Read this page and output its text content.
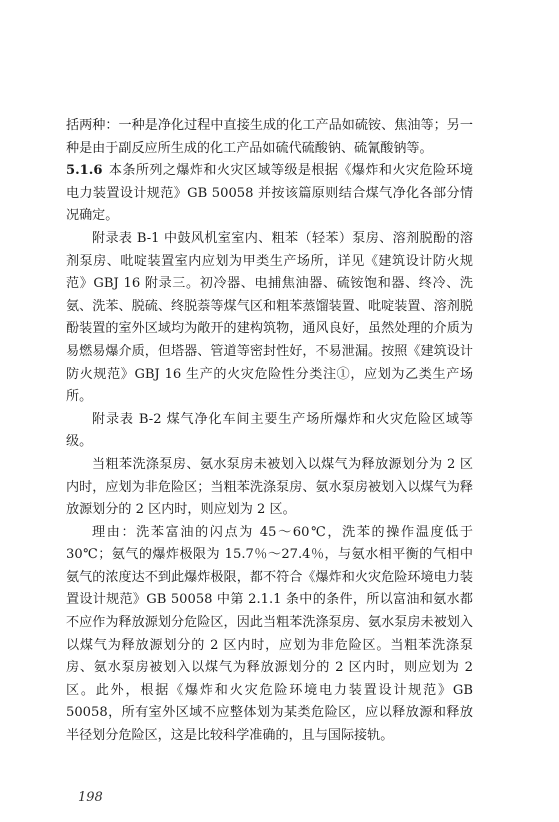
括两种：一种是净化过程中直接生成的化工产品如硫铵、焦油等；另一种是由于副反应所生成的化工产品如硫代硫酸钠、硫氰酸钠等。

5.1.6 本条所列之爆炸和火灾区域等级是根据《爆炸和火灾危险环境电力装置设计规范》GB 50058 并按该篇原则结合煤气净化各部分情况确定。

附录表 B-1 中鼓风机室室内、粗苯（轻苯）泵房、溶剂脱酚的溶剂泵房、吡啶装置室内应划为甲类生产场所，详见《建筑设计防火规范》GBJ 16 附录三。初冷器、电捕焦油器、硫铵饱和器、终冷、洗氨、洗苯、脱硫、终脱萘等煤气区和粗苯蒸馏装置、吡啶装置、溶剂脱酚装置的室外区域均为敞开的建构筑物，通风良好，虽然处理的介质为易燃易爆介质，但塔器、管道等密封性好，不易泄漏。按照《建筑设计防火规范》GBJ 16 生产的火灾危险性分类注①，应划为乙类生产场所。

附录表 B-2 煤气净化车间主要生产场所爆炸和火灾危险区域等级。

当粗苯洗涤泵房、氨水泵房未被划入以煤气为释放源划分为 2 区内时，应划为非危险区；当粗苯洗涤泵房、氨水泵房被划入以煤气为释放源划分的 2 区内时，则应划为 2 区。

理由：洗苯富油的闪点为 45～60℃，洗苯的操作温度低于 30℃；氨气的爆炸极限为 15.7％～27.4％，与氨水相平衡的气相中氨气的浓度达不到此爆炸极限，都不符合《爆炸和火灾危险环境电力装置设计规范》GB 50058 中第 2.1.1 条中的条件，所以富油和氨水都不应作为释放源划分危险区，因此当粗苯洗涤泵房、氨水泵房未被划入以煤气为释放源划分的 2 区内时，应划为非危险区。当粗苯洗涤泵房、氨水泵房被划入以煤气为释放源划分的 2 区内时，则应划为 2 区。此外，根据《爆炸和火灾危险环境电力装置设计规范》GB 50058，所有室外区域不应整体划为某类危险区，应以释放源和释放半径划分危险区，这是比较科学准确的，且与国际接轨。

198
